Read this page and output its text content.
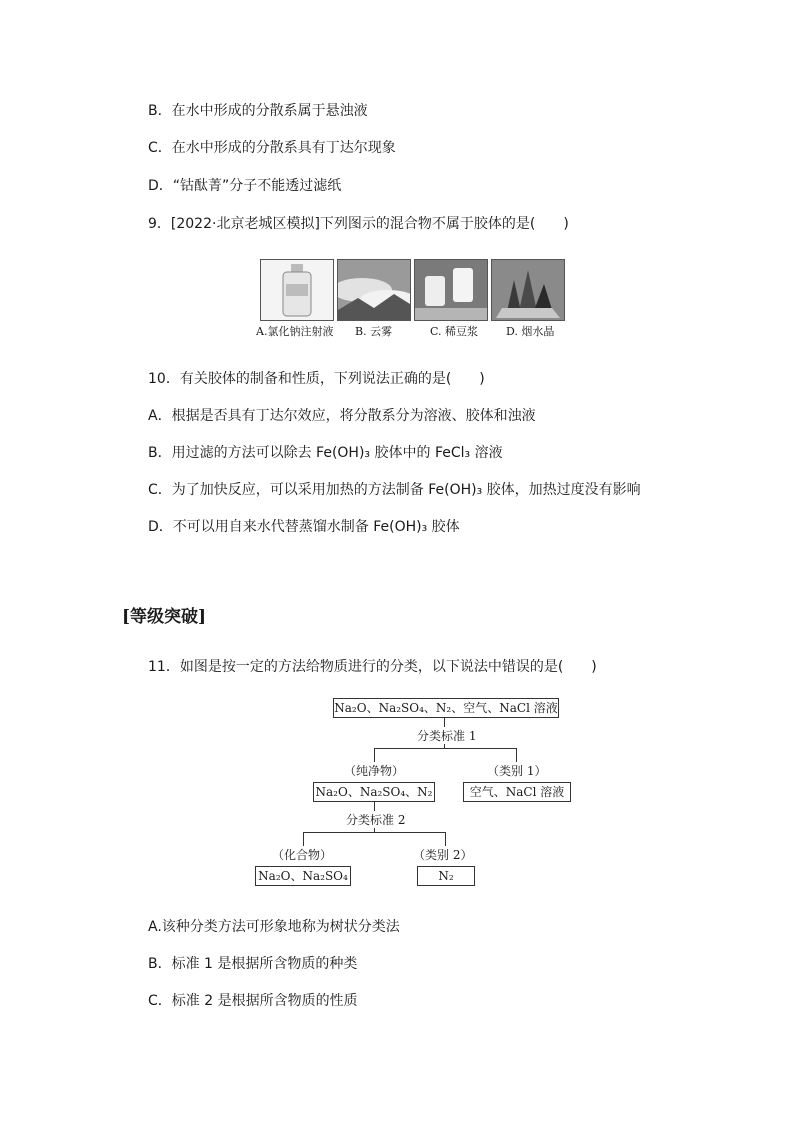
B．在水中形成的分散系属于悬浊液
C．在水中形成的分散系具有丁达尔现象
D．“钴酞菁”分子不能透过滤纸
9．[2022·北京老城区模拟]下列图示的混合物不属于胶体的是(　　)
A.氯化钠注射液 B. 云雾	C. 稀豆浆	D. 烟水晶
10．有关胶体的制备和性质，下列说法正确的是(　　)
A．根据是否具有丁达尔效应，将分散系分为溶液、胶体和浊液
B．用过滤的方法可以除去 Fe(OH)₃ 胶体中的 FeCl₃ 溶液
C．为了加快反应，可以采用加热的方法制备 Fe(OH)₃ 胶体，加热过度没有影响
D．不可以用自来水代替蒸馏水制备 Fe(OH)₃ 胶体
[等级突破]
11．如图是按一定的方法给物质进行的分类，以下说法中错误的是(　　)
Na₂O、Na₂SO₄、N₂、空气、NaCl 溶液
分类标准 1
（纯净物）	（类别 1）
Na₂O、Na₂SO₄、N₂	空气、NaCl 溶液
分类标准 2
（化合物）	（类别 2）
Na₂O、Na₂SO₄	N₂
A.该种分类方法可形象地称为树状分类法
B．标准 1 是根据所含物质的种类
C．标准 2 是根据所含物质的性质
